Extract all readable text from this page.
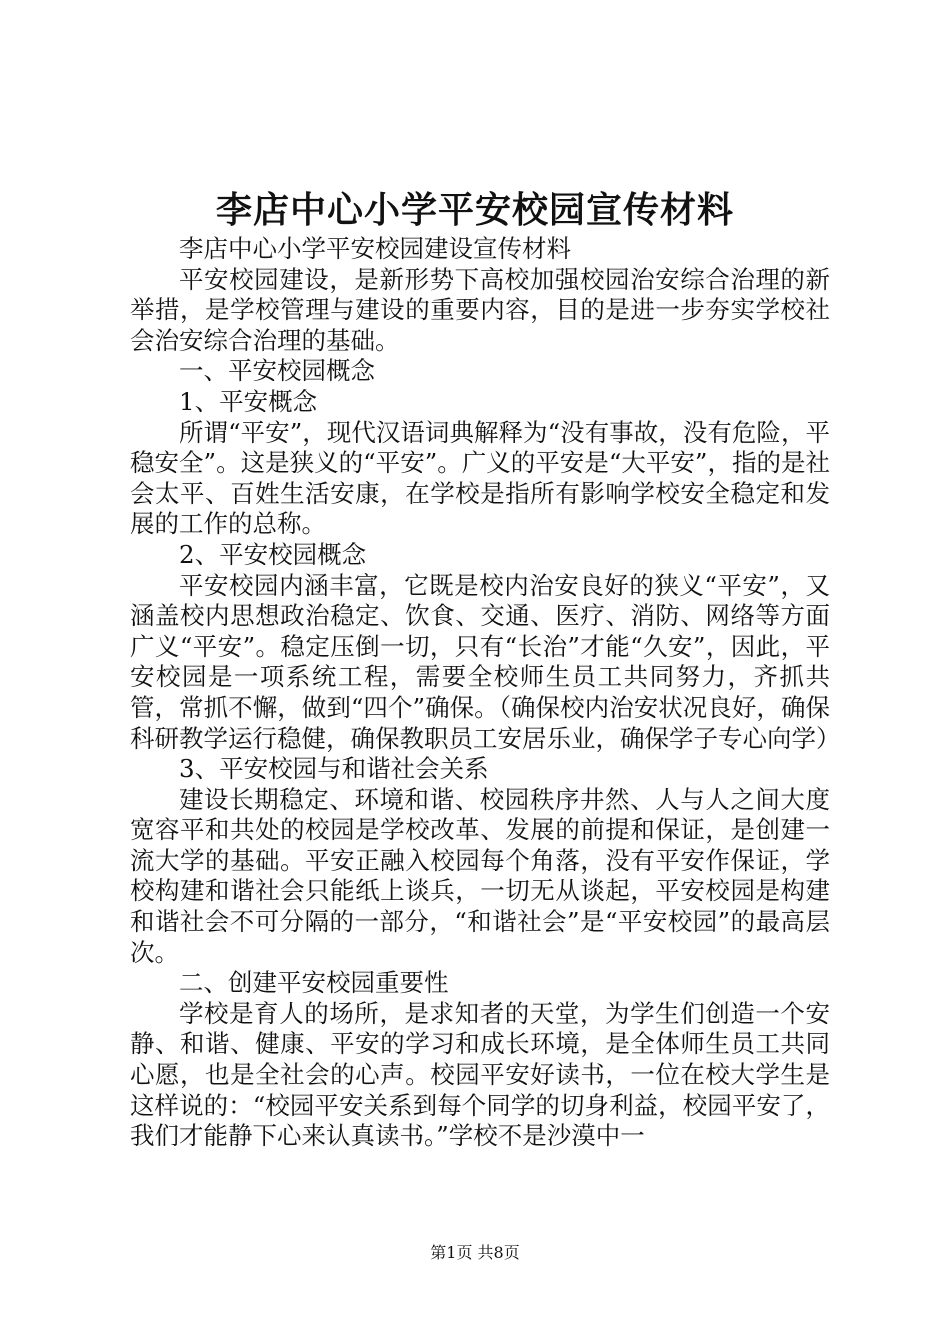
李店中心小学平安校园宣传材料

李店中心小学平安校园建设宣传材料

平安校园建设，是新形势下高校加强校园治安综合治理的新举措，是学校管理与建设的重要内容，目的是进一步夯实学校社会治安综合治理的基础。

一、平安校园概念

1、平安概念

所谓“平安”，现代汉语词典解释为“没有事故，没有危险，平稳安全”。这是狭义的“平安”。广义的平安是“大平安”，指的是社会太平、百姓生活安康，在学校是指所有影响学校安全稳定和发展的工作的总称。

2、平安校园概念

平安校园内涵丰富，它既是校内治安良好的狭义“平安”，又涵盖校内思想政治稳定、饮食、交通、医疗、消防、网络等方面广义“平安”。稳定压倒一切，只有“长治”才能“久安”，因此，平安校园是一项系统工程，需要全校师生员工共同努力，齐抓共管，常抓不懈，做到“四个”确保。（确保校内治安状况良好，确保科研教学运行稳健，确保教职员工安居乐业，确保学子专心向学）

3、平安校园与和谐社会关系

建设长期稳定、环境和谐、校园秩序井然、人与人之间大度宽容平和共处的校园是学校改革、发展的前提和保证，是创建一流大学的基础。平安正融入校园每个角落，没有平安作保证，学校构建和谐社会只能纸上谈兵，一切无从谈起，平安校园是构建和谐社会不可分隔的一部分，“和谐社会”是“平安校园”的最高层次。

二、创建平安校园重要性

学校是育人的场所，是求知者的天堂，为学生们创造一个安静、和谐、健康、平安的学习和成长环境，是全体师生员工共同心愿，也是全社会的心声。校园平安好读书，一位在校大学生是这样说的：“校园平安关系到每个同学的切身利益，校园平安了，我们才能静下心来认真读书。”学校不是沙漠中一

第1页 共8页
